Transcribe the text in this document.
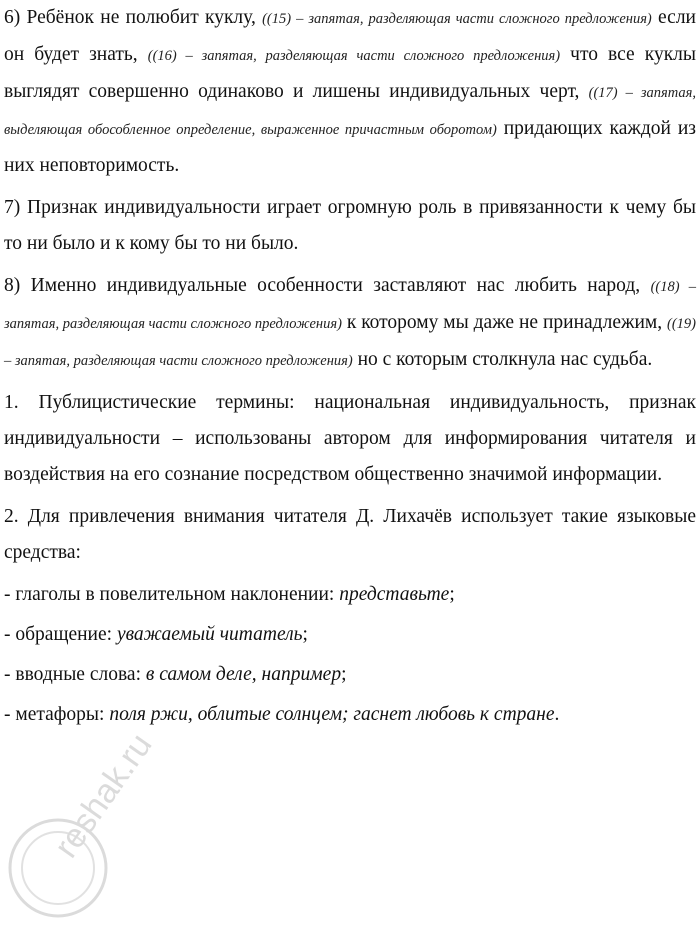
6) Ребёнок не полюбит куклу, ((15) – запятая, разделяющая части сложного предложения) если он будет знать, ((16) – запятая, разделяющая части сложного предложения) что все куклы выглядят совершенно одинаково и лишены индивидуальных черт, ((17) – запятая, выделяющая обособленное определение, выраженное причастным оборотом) придающих каждой из них неповторимость.

7) Признак индивидуальности играет огромную роль в привязанности к чему бы то ни было и к кому бы то ни было.

8) Именно индивидуальные особенности заставляют нас любить народ, ((18) – запятая, разделяющая части сложного предложения) к которому мы даже не принадлежим, ((19) – запятая, разделяющая части сложного предложения) но с которым столкнула нас судьба.

1. Публицистические термины: национальная индивидуальность, признак индивидуальности – использованы автором для информирования читателя и воздействия на его сознание посредством общественно значимой информации.

2. Для привлечения внимания читателя Д. Лихачёв использует такие языковые средства:

- глаголы в повелительном наклонении: представьте;

- обращение: уважаемый читатель;

- вводные слова: в самом деле, например;

- метафоры: поля ржи, облитые солнцем; гаснет любовь к стране.

reshak.ru
